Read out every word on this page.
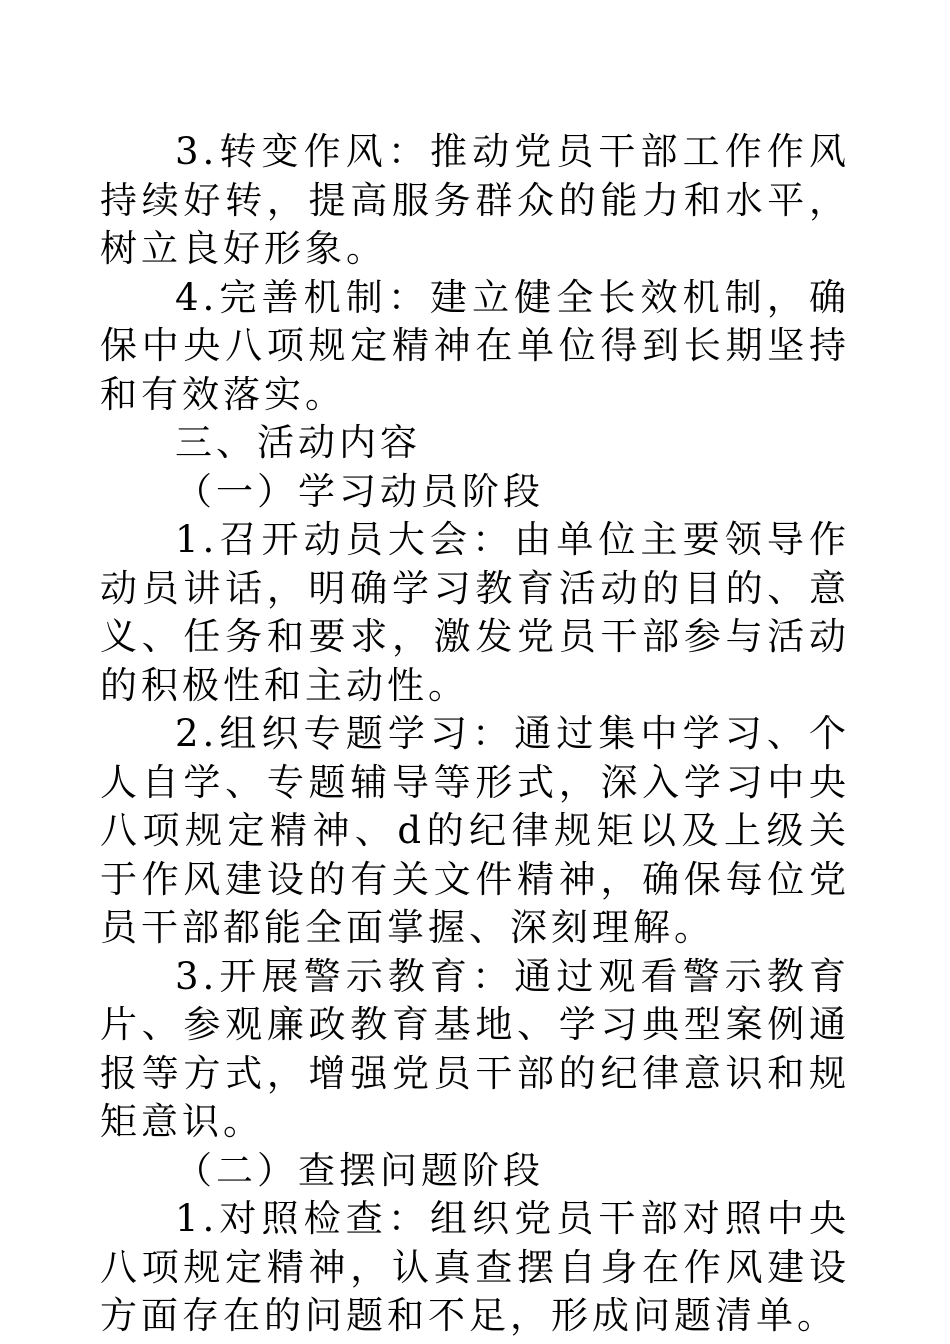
3.转变作风：推动党员干部工作作风持续好转，提高服务群众的能力和水平，树立良好形象。

4.完善机制：建立健全长效机制，确保中央八项规定精神在单位得到长期坚持和有效落实。

三、活动内容

（一）学习动员阶段

1.召开动员大会：由单位主要领导作动员讲话，明确学习教育活动的目的、意义、任务和要求，激发党员干部参与活动的积极性和主动性。

2.组织专题学习：通过集中学习、个人自学、专题辅导等形式，深入学习中央八项规定精神、d的纪律规矩以及上级关于作风建设的有关文件精神，确保每位党员干部都能全面掌握、深刻理解。

3.开展警示教育：通过观看警示教育片、参观廉政教育基地、学习典型案例通报等方式，增强党员干部的纪律意识和规矩意识。

（二）查摆问题阶段

1.对照检查：组织党员干部对照中央八项规定精神，认真查摆自身在作风建设方面存在的问题和不足，形成问题清单。
